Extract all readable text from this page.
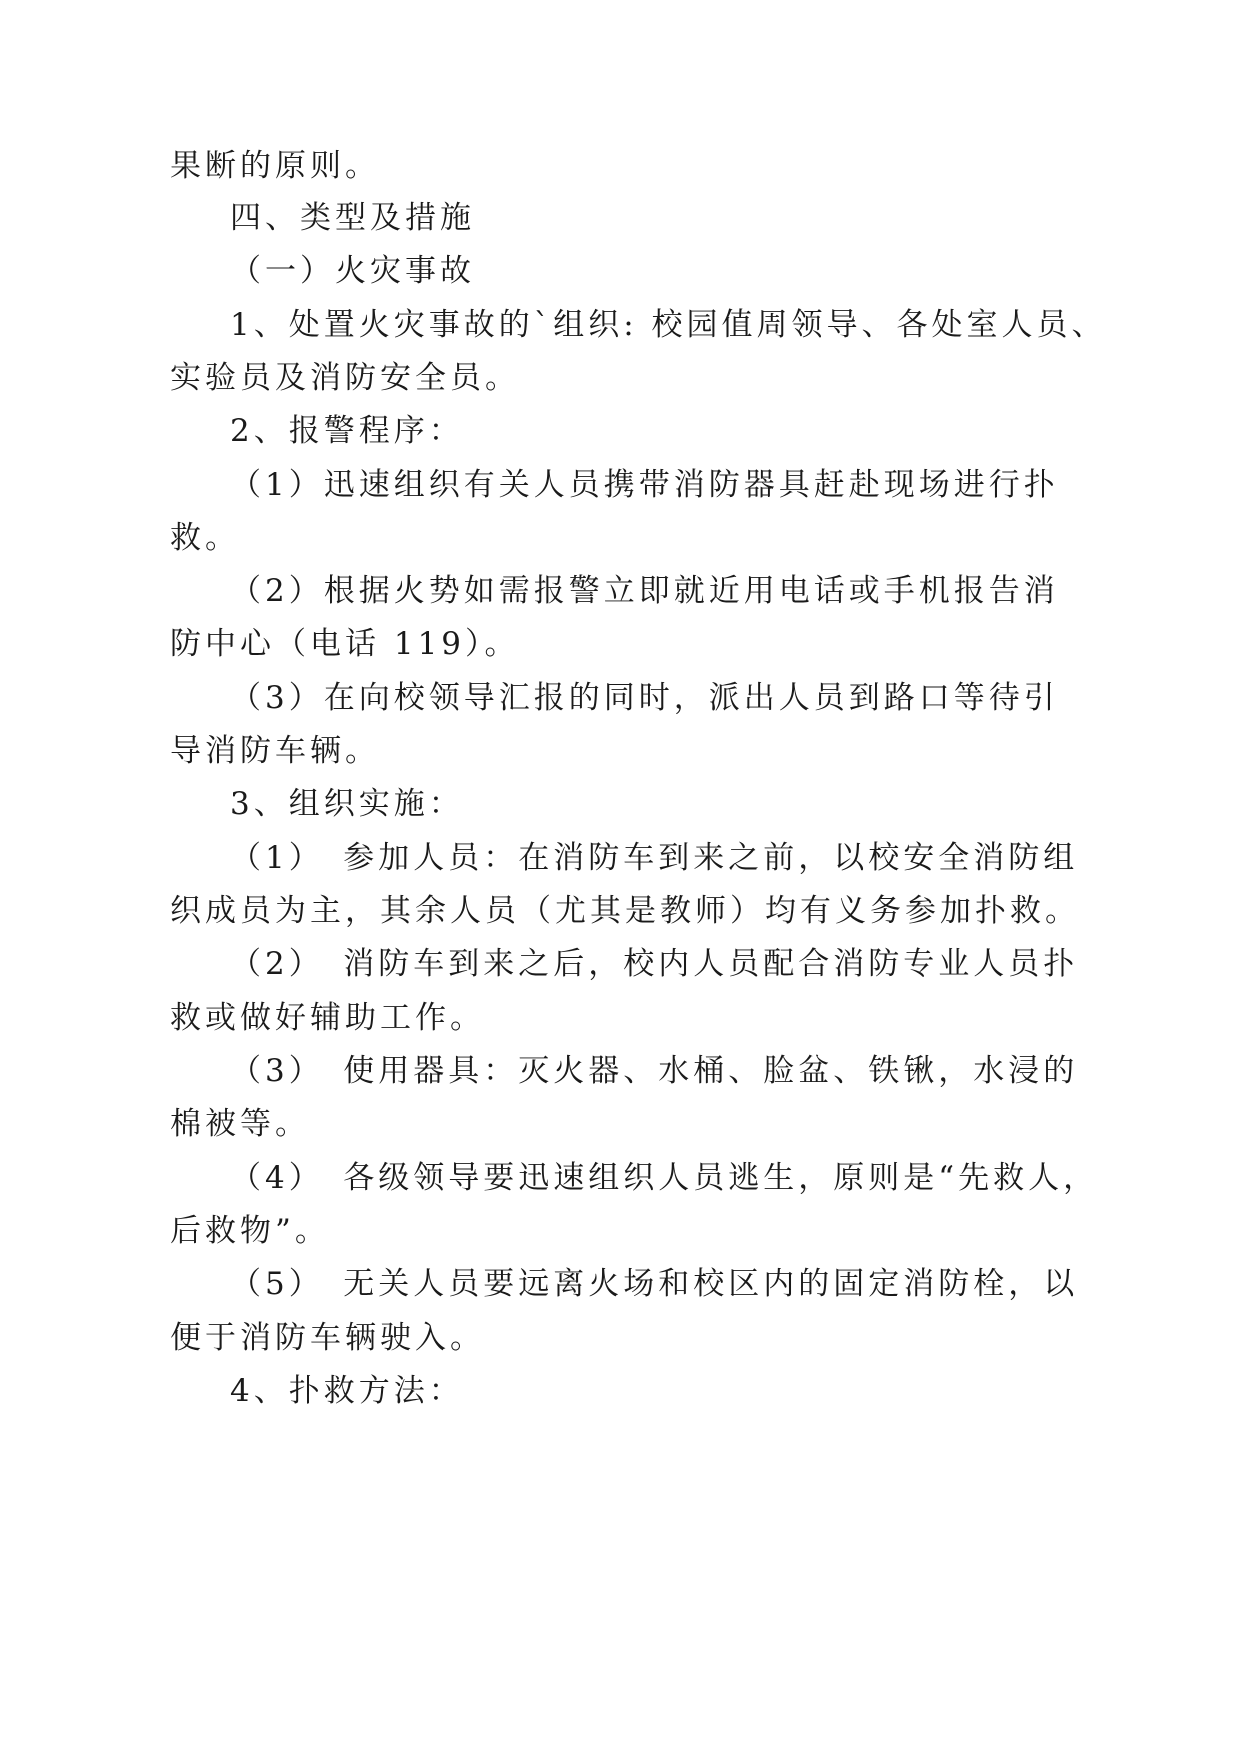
果断的原则。
四、类型及措施
（一）火灾事故
1、处置火灾事故的`组织: 校园值周领导、各处室人员、
实验员及消防安全员。
2、报警程序：
（1）迅速组织有关人员携带消防器具赶赴现场进行扑
救。
（2）根据火势如需报警立即就近用电话或手机报告消
防中心（电话 119）。
（3）在向校领导汇报的同时，派出人员到路口等待引
导消防车辆。
3、组织实施：
（1）　参加人员：在消防车到来之前，以校安全消防组
织成员为主，其余人员（尤其是教师）均有义务参加扑救。
（2）　消防车到来之后，校内人员配合消防专业人员扑
救或做好辅助工作。
（3）　使用器具：灭火器、水桶、脸盆、铁锹，水浸的
棉被等。
（4）　各级领导要迅速组织人员逃生，原则是“先救人，
后救物”。
（5）　无关人员要远离火场和校区内的固定消防栓，以
便于消防车辆驶入。
4、扑救方法：
